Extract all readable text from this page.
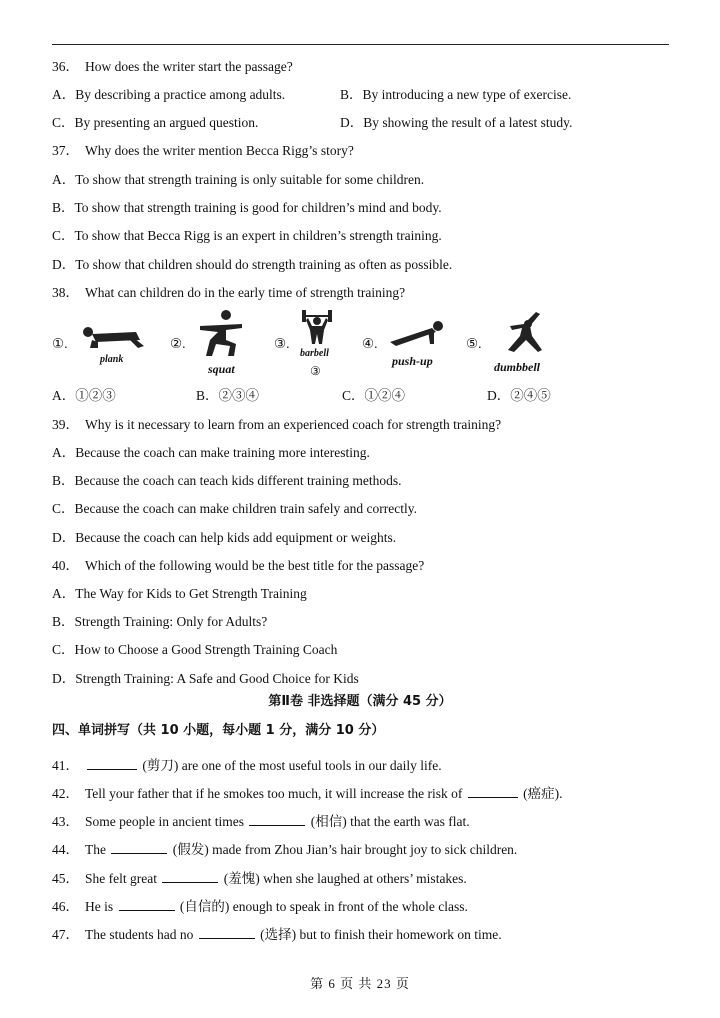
36． How does the writer start the passage?
A．By describing a practice among adults.	B．By introducing a new type of exercise.
C．By presenting an argued question.	D．By showing the result of a latest study.
37． Why does the writer mention Becca Rigg’s story?
A．To show that strength training is only suitable for some children.
B．To show that strength training is good for children’s mind and body.
C．To show that Becca Rigg is an expert in children’s strength training.
D．To show that children should do strength training as often as possible.
38． What can children do in the early time of strength training?
①.
plank
②.
squat
③.
barbell
③
④.
push-up
⑤.
dumbbell
A．①②③	B．②③④	C．①②④	D．②④⑤
39． Why is it necessary to learn from an experienced coach for strength training?
A．Because the coach can make training more interesting.
B．Because the coach can teach kids different training methods.
C．Because the coach can make children train safely and correctly.
D．Because the coach can help kids add equipment or weights.
40． Which of the following would be the best title for the passage?
A．The Way for Kids to Get Strength Training
B．Strength Training: Only for Adults?
C．How to Choose a Good Strength Training Coach
D．Strength Training: A Safe and Good Choice for Kids
第Ⅱ卷 非选择题（满分 45 分）
四、单词拼写（共 10 小题，每小题 1 分，满分 10 分）
41．	(剪刀) are one of the most useful tools in our daily life.
42． Tell your father that if he smokes too much, it will increase the risk of	(癌症).
43． Some people in ancient times	(相信) that the earth was flat.
44． The	(假发) made from Zhou Jian’s hair brought joy to sick children.
45． She felt great	(羞愧) when she laughed at others’ mistakes.
46． He is	(自信的) enough to speak in front of the whole class.
47． The students had no	(选择) but to finish their homework on time.
第 6 页 共 23 页
